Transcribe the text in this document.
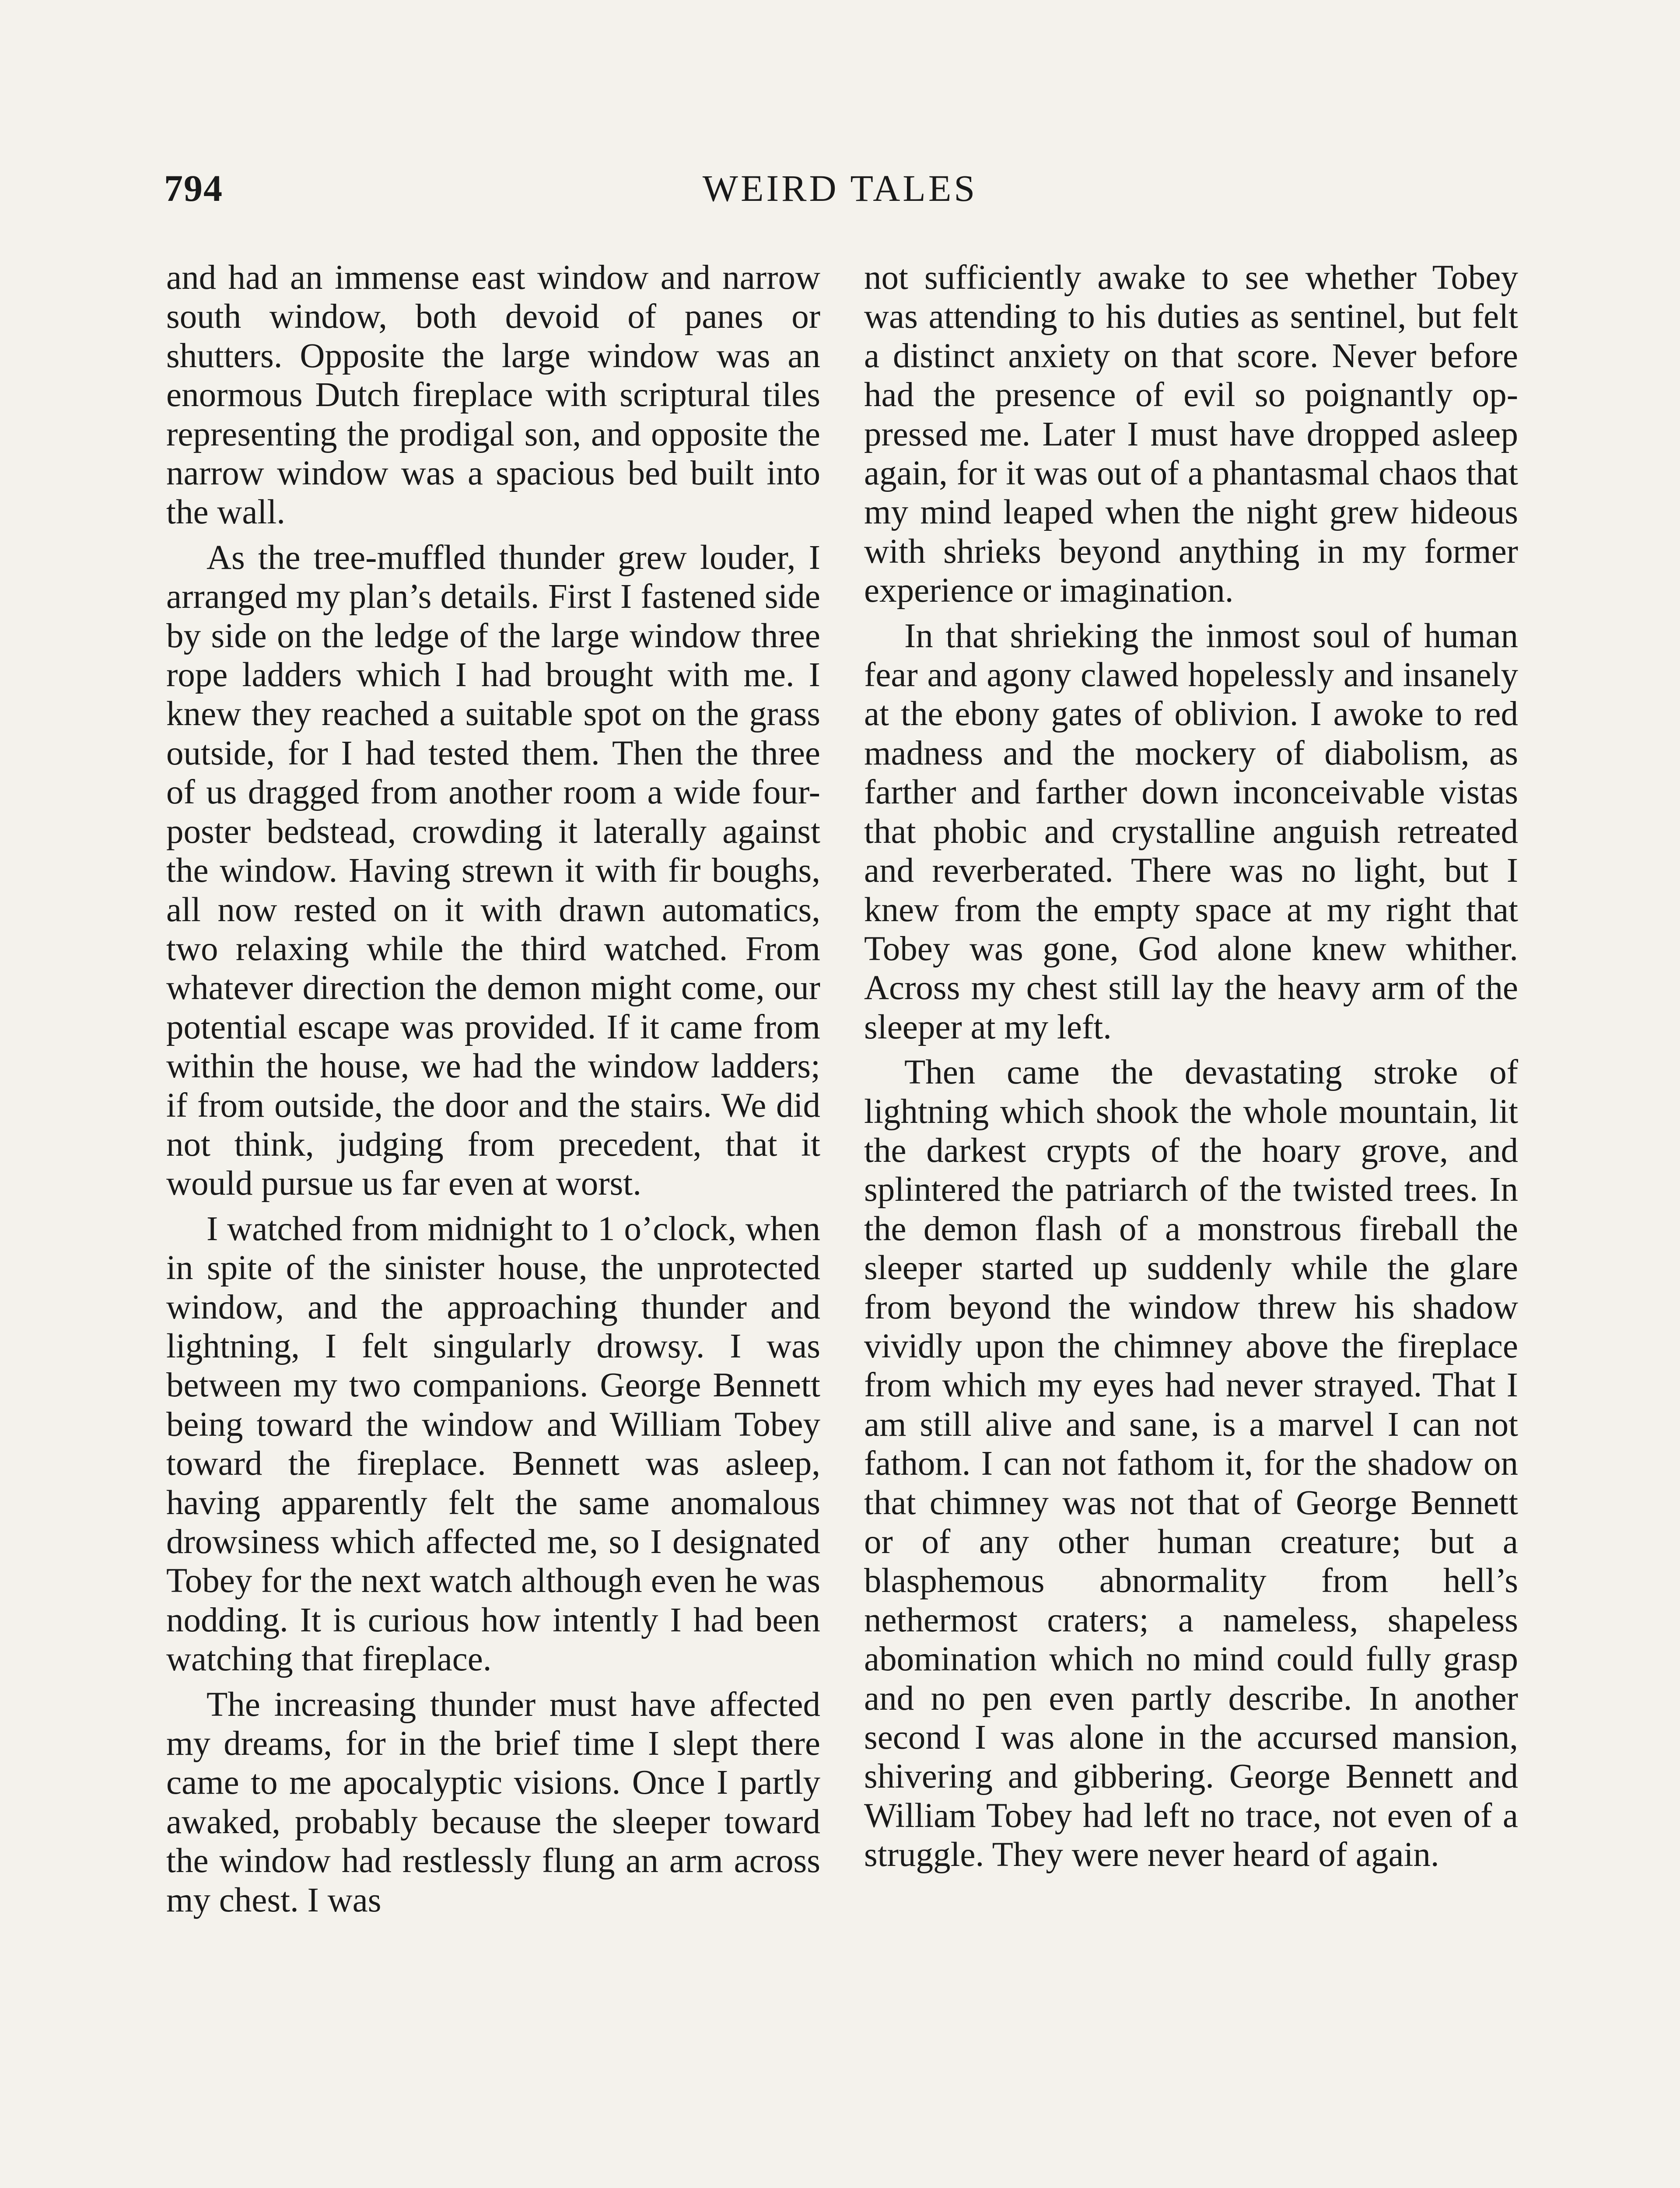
794	WEIRD TALES

and had an immense east window and narrow south window, both devoid of panes or shutters. Opposite the large window was an enormous Dutch fireplace with scriptural tiles representing the prodigal son, and opposite the narrow window was a spacious bed built into the wall.

As the tree-muffled thunder grew louder, I arranged my plan’s details. First I fastened side by side on the ledge of the large window three rope ladders which I had brought with me. I knew they reached a suitable spot on the grass outside, for I had tested them. Then the three of us dragged from another room a wide four-poster bedstead, crowding it laterally against the window. Having strewn it with fir boughs, all now rested on it with drawn automatics, two relaxing while the third watched. From whatever direction the demon might come, our potential escape was provided. If it came from within the house, we had the window ladders; if from outside, the door and the stairs. We did not think, judging from precedent, that it would pursue us far even at worst.

I watched from midnight to 1 o’clock, when in spite of the sinister house, the unprotected window, and the approaching thunder and lightning, I felt singularly drowsy. I was between my two companions. George Bennett being toward the window and William Tobey toward the fireplace. Bennett was asleep, having apparently felt the same anomalous drowsiness which affected me, so I designated Tobey for the next watch although even he was nodding. It is curious how intently I had been watching that fireplace.

The increasing thunder must have affected my dreams, for in the brief time I slept there came to me apocalyptic visions. Once I partly awaked, probably because the sleeper toward the window had restlessly flung an arm across my chest. I was

not sufficiently awake to see whether Tobey was attending to his duties as sentinel, but felt a distinct anxiety on that score. Never before had the presence of evil so poignantly oppressed me. Later I must have dropped asleep again, for it was out of a phantasmal chaos that my mind leaped when the night grew hideous with shrieks beyond anything in my former experience or imagination.

In that shrieking the inmost soul of human fear and agony clawed hopelessly and insanely at the ebony gates of oblivion. I awoke to red madness and the mockery of diabolism, as farther and farther down inconceivable vistas that phobic and crystalline anguish retreated and reverberated. There was no light, but I knew from the empty space at my right that Tobey was gone, God alone knew whither. Across my chest still lay the heavy arm of the sleeper at my left.

Then came the devastating stroke of lightning which shook the whole mountain, lit the darkest crypts of the hoary grove, and splintered the patriarch of the twisted trees. In the demon flash of a monstrous fireball the sleeper started up suddenly while the glare from beyond the window threw his shadow vividly upon the chimney above the fireplace from which my eyes had never strayed. That I am still alive and sane, is a marvel I can not fathom. I can not fathom it, for the shadow on that chimney was not that of George Bennett or of any other human creature; but a blasphemous abnormality from hell’s nethermost craters; a nameless, shapeless abomination which no mind could fully grasp and no pen even partly describe. In another second I was alone in the accursed mansion, shivering and gibbering. George Bennett and William Tobey had left no trace, not even of a struggle. They were never heard of again.
